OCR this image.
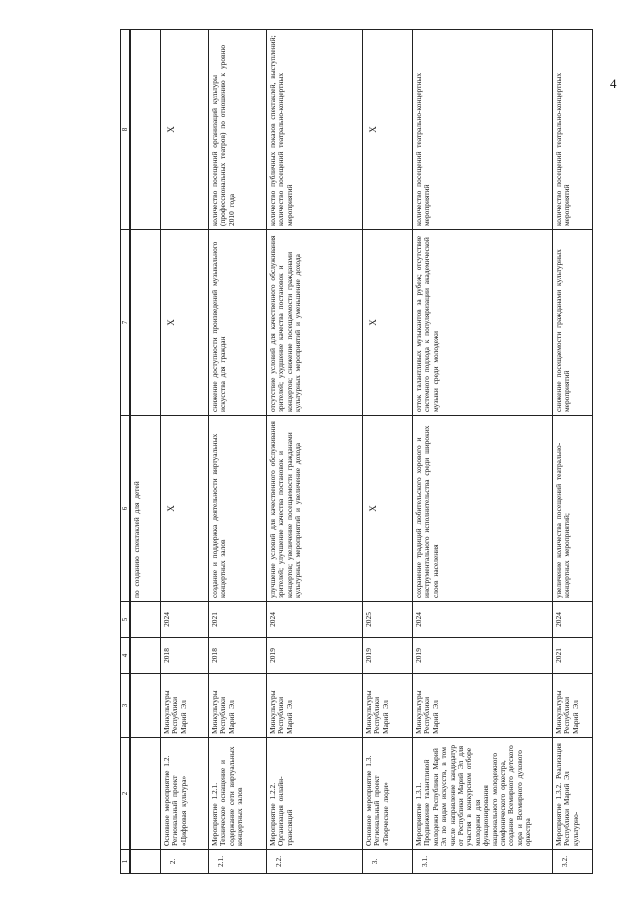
4
1	2	3	4	5	6	7	8
					по созданию спектаклей для детей		
2.	Основное мероприятие 1.2. Региональный проект «Цифровая культура»	Минкультуры Республики Марий Эл	2018	2024	X	X	X
2.1.	Мероприятие 1.2.1. Техническое оснащение и содержание сети виртуальных концертных залов	Минкультуры Республики Марий Эл	2018	2021	создание и поддержка деятельности виртуальных концертных залов	снижение доступности произведений музыкального искусства для граждан	количество посещений организаций культуры (профессиональных театров) по отношению к уровню 2010 года
2.2.	Мероприятие 1.2.2. Организация онлайн-трансляций	Минкультуры Республики Марий Эл	2019	2024	улучшение условий для качественного обслуживания зрителей; улучшение качества постановок и концертов; увеличение посещаемости гражданами культурных мероприятий и увеличение дохода	отсутствие условий для качественного обслуживания зрителей; ухудшение качества постановок и концертов; снижение посещаемости гражданами культурных мероприятий и уменьшение дохода	количество публичных показов спектаклей, выступлений; количество посещений театрально-концертных мероприятий
3.	Основное мероприятие 1.3. Региональный проект «Творческие люди»	Минкультуры Республики Марий Эл	2019	2025	X	X	X
3.1.	Мероприятие 1.3.1. Продвижение талантливой молодежи Республики Марий Эл по видам искусств, в том числе направление кандидатур от Республики Марий Эл для участия в конкурсном отборе молодежи для функционирования национального молодежного симфонического оркестра, создание Всемирного детского хора и Всемирного духового оркестра	Минкультуры Республики Марий Эл	2019	2024	сохранение традиций любительского хорового и инструментального исполнительства среди широких слоев населения	отток талантливых музыкантов за рубеж; отсутствие системного подхода к популяризации академической музыки среди молодежи	количество посещений театрально-концертных мероприятий
3.2.	Мероприятие 1.3.2. Реализация Республики Марий Эл культурно-	Минкультуры Республики Марий Эл	2021	2024	увеличение количества посещений театрально-концертных мероприятий;	снижение посещаемости гражданами культурных мероприятий	количество посещений театрально-концертных мероприятий
